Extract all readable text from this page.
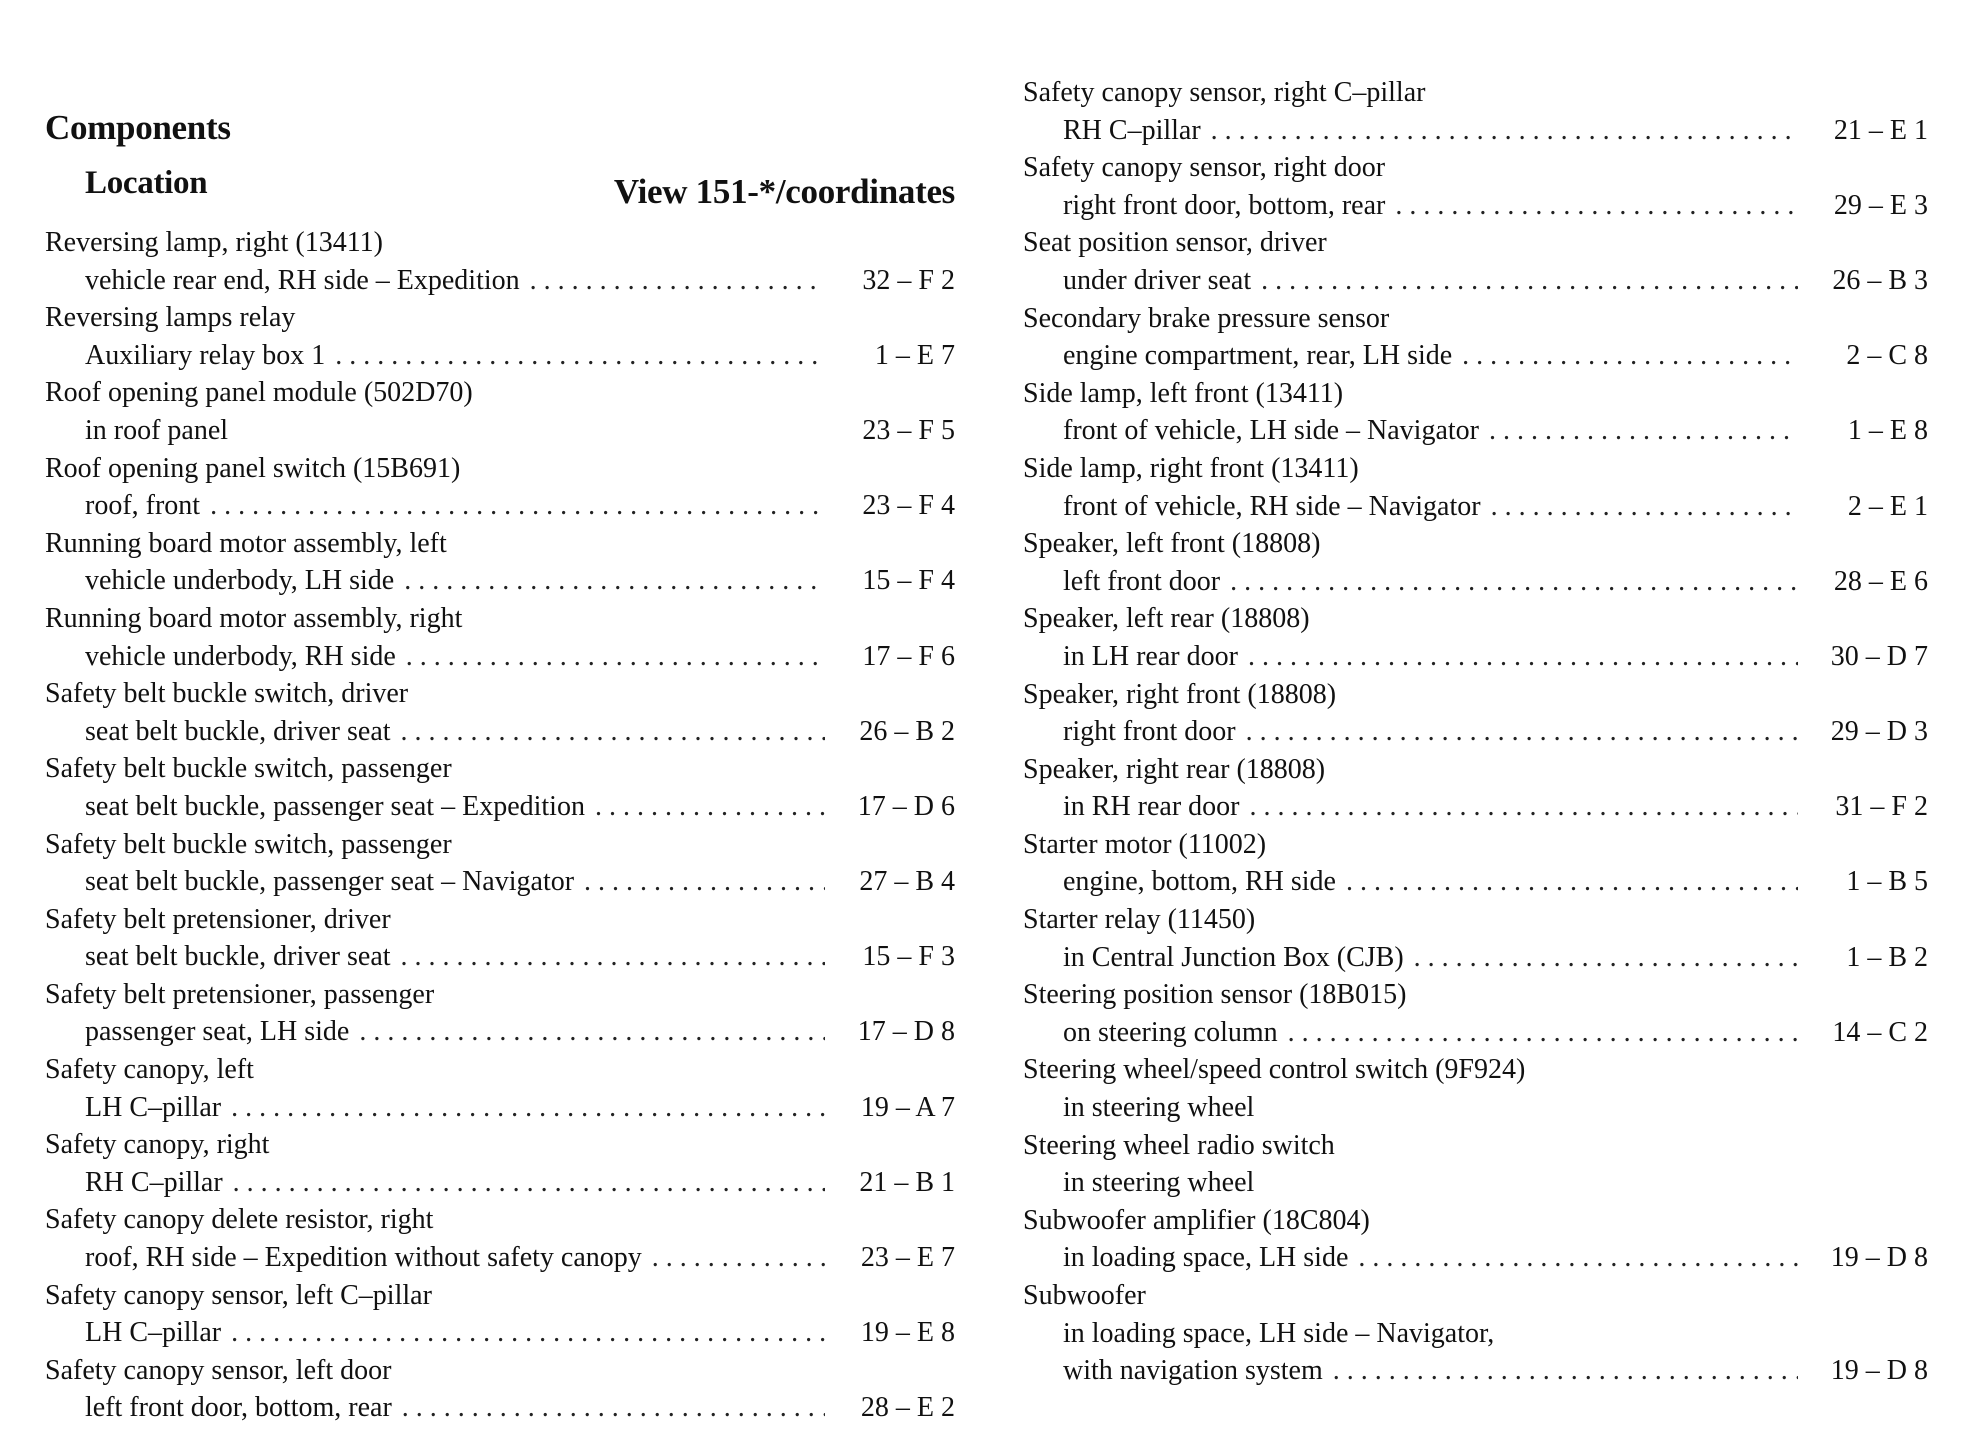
Components
Location	View 151-*/coordinates
Reversing lamp, right (13411)
vehicle rear end, RH side – Expedition . . .	32 – F 2
Reversing lamps relay
Auxiliary relay box 1 . . .	1 – E 7
Roof opening panel module (502D70)
in roof panel	23 – F 5
Roof opening panel switch (15B691)
roof, front . . .	23 – F 4
Running board motor assembly, left
vehicle underbody, LH side . . .	15 – F 4
Running board motor assembly, right
vehicle underbody, RH side . . .	17 – F 6
Safety belt buckle switch, driver
seat belt buckle, driver seat . . .	26 – B 2
Safety belt buckle switch, passenger
seat belt buckle, passenger seat – Expedition . . .	17 – D 6
Safety belt buckle switch, passenger
seat belt buckle, passenger seat – Navigator . . .	27 – B 4
Safety belt pretensioner, driver
seat belt buckle, driver seat . . .	15 – F 3
Safety belt pretensioner, passenger
passenger seat, LH side . . .	17 – D 8
Safety canopy, left
LH C–pillar . . .	19 – A 7
Safety canopy, right
RH C–pillar . . .	21 – B 1
Safety canopy delete resistor, right
roof, RH side – Expedition without safety canopy . . .	23 – E 7
Safety canopy sensor, left C–pillar
LH C–pillar . . .	19 – E 8
Safety canopy sensor, left door
left front door, bottom, rear . . .	28 – E 2
Safety canopy sensor, right C–pillar
RH C–pillar . . .	21 – E 1
Safety canopy sensor, right door
right front door, bottom, rear . . .	29 – E 3
Seat position sensor, driver
under driver seat . . .	26 – B 3
Secondary brake pressure sensor
engine compartment, rear, LH side . . .	2 – C 8
Side lamp, left front (13411)
front of vehicle, LH side – Navigator . . .	1 – E 8
Side lamp, right front (13411)
front of vehicle, RH side – Navigator . . .	2 – E 1
Speaker, left front (18808)
left front door . . .	28 – E 6
Speaker, left rear (18808)
in LH rear door . . .	30 – D 7
Speaker, right front (18808)
right front door . . .	29 – D 3
Speaker, right rear (18808)
in RH rear door . . .	31 – F 2
Starter motor (11002)
engine, bottom, RH side . . .	1 – B 5
Starter relay (11450)
in Central Junction Box (CJB) . . .	1 – B 2
Steering position sensor (18B015)
on steering column . . .	14 – C 2
Steering wheel/speed control switch (9F924)
in steering wheel
Steering wheel radio switch
in steering wheel
Subwoofer amplifier (18C804)
in loading space, LH side . . .	19 – D 8
Subwoofer
in loading space, LH side – Navigator,
with navigation system . . .	19 – D 8
